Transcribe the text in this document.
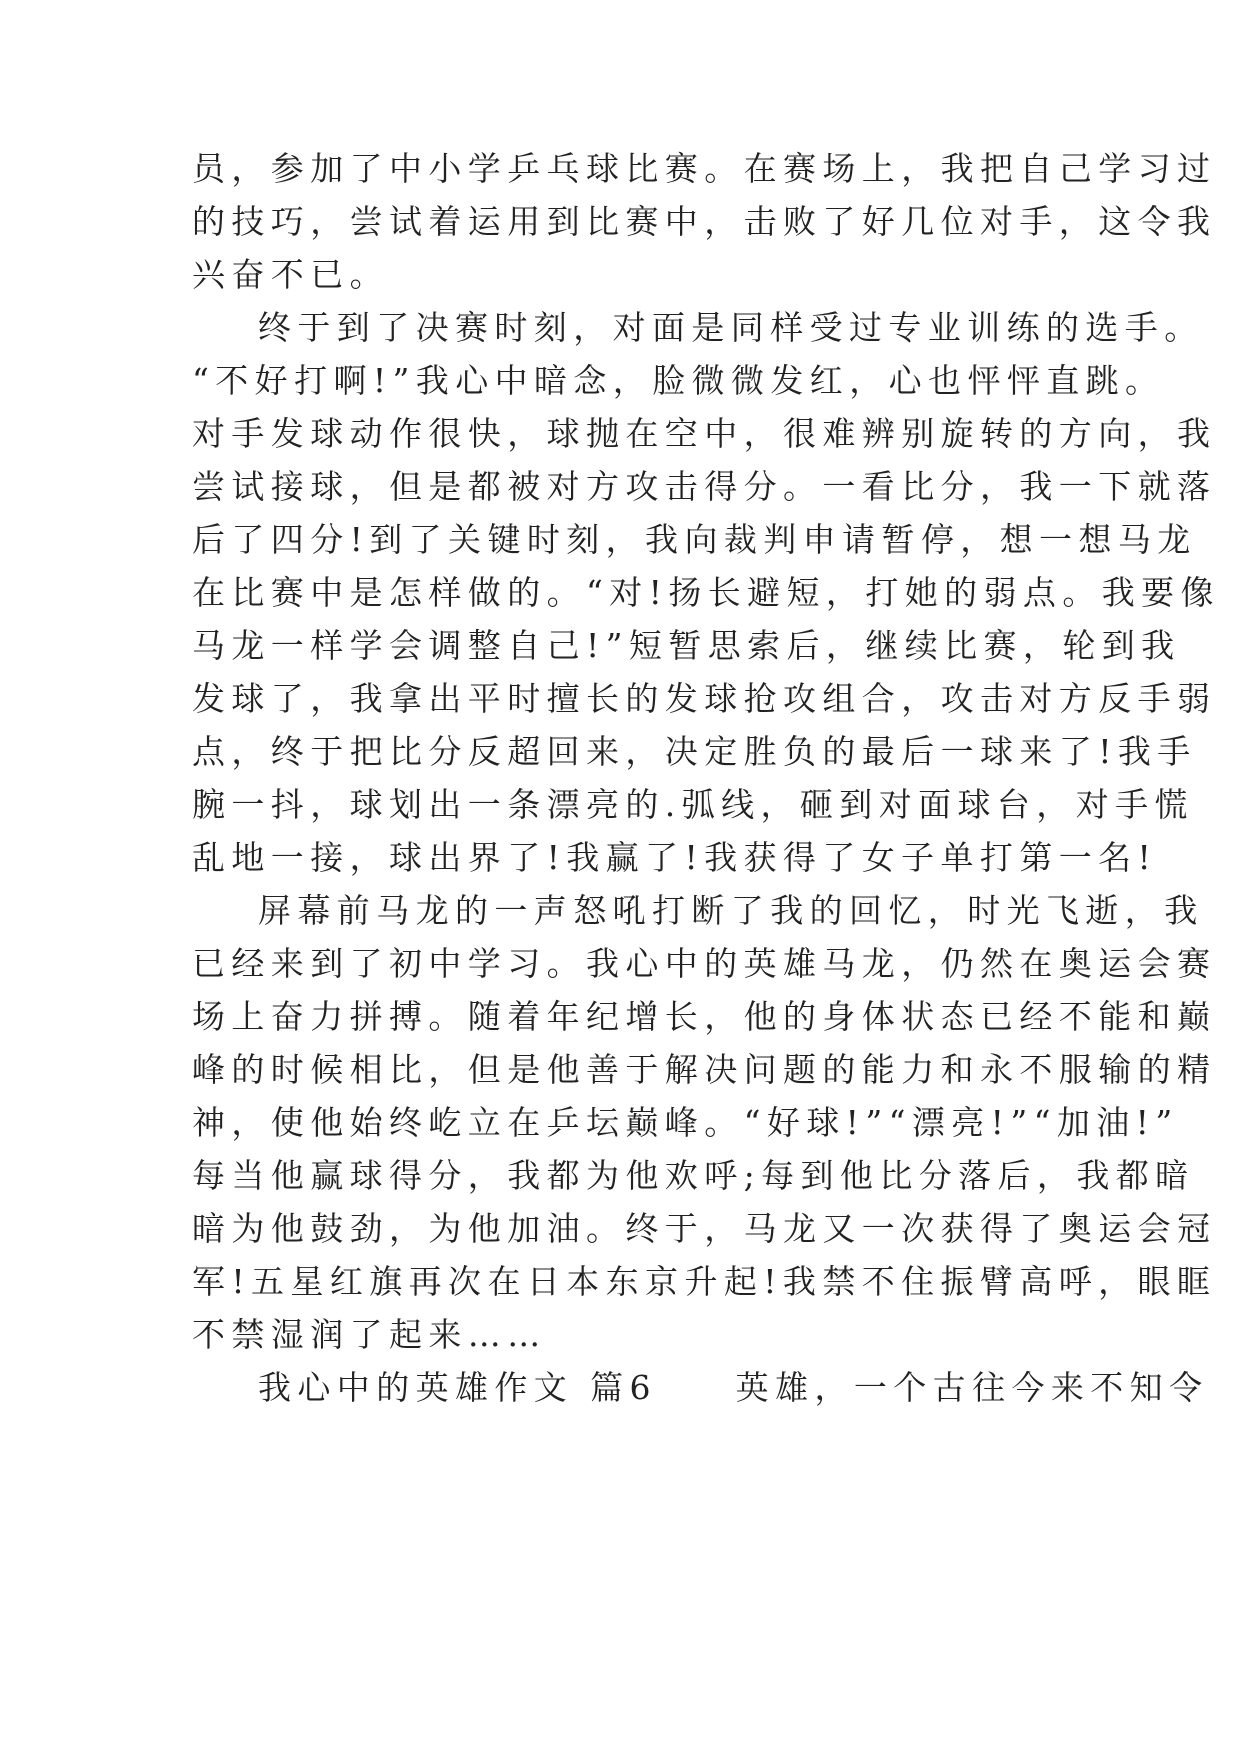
员，参加了中小学乒乓球比赛。在赛场上，我把自己学习过
的技巧，尝试着运用到比赛中，击败了好几位对手，这令我
兴奋不已。
终于到了决赛时刻，对面是同样受过专业训练的选手。
“不好打啊!”我心中暗念，脸微微发红，心也怦怦直跳。
对手发球动作很快，球抛在空中，很难辨别旋转的方向，我
尝试接球，但是都被对方攻击得分。一看比分，我一下就落
后了四分!到了关键时刻，我向裁判申请暂停，想一想马龙
在比赛中是怎样做的。“对!扬长避短，打她的弱点。我要像
马龙一样学会调整自己!”短暂思索后，继续比赛，轮到我
发球了，我拿出平时擅长的发球抢攻组合，攻击对方反手弱
点，终于把比分反超回来，决定胜负的最后一球来了!我手
腕一抖，球划出一条漂亮的.弧线，砸到对面球台，对手慌
乱地一接，球出界了!我赢了!我获得了女子单打第一名!
屏幕前马龙的一声怒吼打断了我的回忆，时光飞逝，我
已经来到了初中学习。我心中的英雄马龙，仍然在奥运会赛
场上奋力拼搏。随着年纪增长，他的身体状态已经不能和巅
峰的时候相比，但是他善于解决问题的能力和永不服输的精
神，使他始终屹立在乒坛巅峰。“好球!”“漂亮!”“加油!”
每当他赢球得分，我都为他欢呼;每到他比分落后，我都暗
暗为他鼓劲，为他加油。终于，马龙又一次获得了奥运会冠
军!五星红旗再次在日本东京升起!我禁不住振臂高呼，眼眶
不禁湿润了起来……
我心中的英雄作文 篇6　　英雄，一个古往今来不知令
